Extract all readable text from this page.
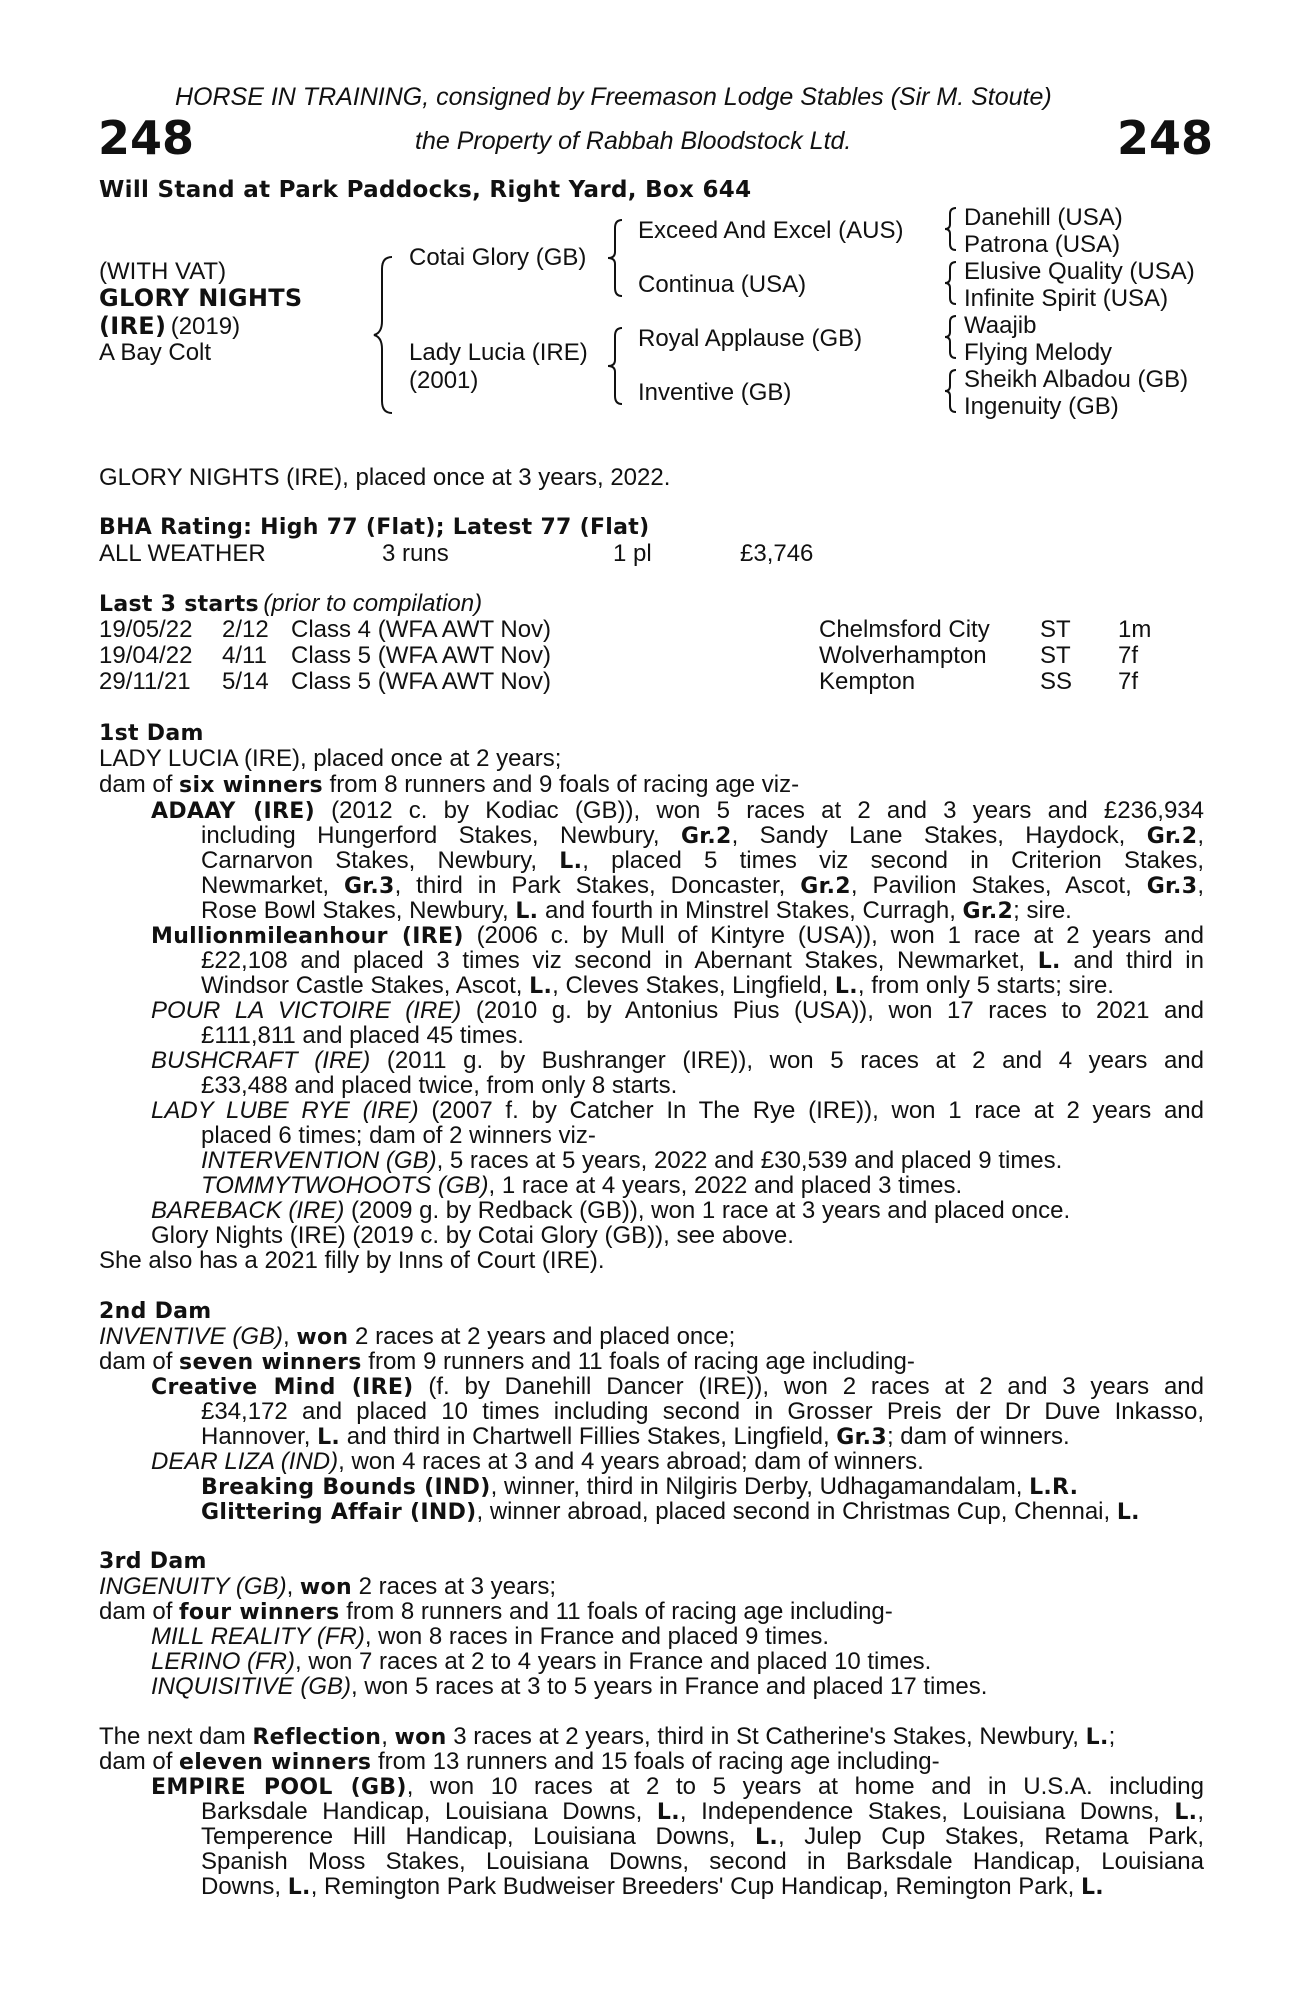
HORSE IN TRAINING, consigned by Freemason Lodge Stables (Sir M. Stoute)
248	the Property of Rabbah Bloodstock Ltd.	248
Will Stand at Park Paddocks, Right Yard, Box 644
(WITH VAT)
GLORY NIGHTS
(IRE) (2019)
A Bay Colt
Cotai Glory (GB)
Lady Lucia (IRE)
(2001)
Exceed And Excel (AUS)
Continua (USA)
Royal Applause (GB)
Inventive (GB)
Danehill (USA)
Patrona (USA)
Elusive Quality (USA)
Infinite Spirit (USA)
Waajib
Flying Melody
Sheikh Albadou (GB)
Ingenuity (GB)
GLORY NIGHTS (IRE), placed once at 3 years, 2022.
BHA Rating: High 77 (Flat); Latest 77 (Flat)
ALL WEATHER	3 runs	1 pl	£3,746
Last 3 starts (prior to compilation)
19/05/22 2/12 Class 4 (WFA AWT Nov)	Chelmsford City ST 1m
19/04/22 4/11 Class 5 (WFA AWT Nov)	Wolverhampton ST 7f
29/11/21 5/14 Class 5 (WFA AWT Nov)	Kempton	SS 7f
1st Dam
LADY LUCIA (IRE), placed once at 2 years;
dam of six winners from 8 runners and 9 foals of racing age viz-
ADAAY (IRE) (2012 c. by Kodiac (GB)), won 5 races at 2 and 3 years and £236,934
including Hungerford Stakes, Newbury, Gr.2, Sandy Lane Stakes, Haydock, Gr.2,
Carnarvon Stakes, Newbury, L., placed 5 times viz second in Criterion Stakes,
Newmarket, Gr.3, third in Park Stakes, Doncaster, Gr.2, Pavilion Stakes, Ascot, Gr.3,
Rose Bowl Stakes, Newbury, L. and fourth in Minstrel Stakes, Curragh, Gr.2; sire.
Mullionmileanhour (IRE) (2006 c. by Mull of Kintyre (USA)), won 1 race at 2 years and
£22,108 and placed 3 times viz second in Abernant Stakes, Newmarket, L. and third in
Windsor Castle Stakes, Ascot, L., Cleves Stakes, Lingfield, L., from only 5 starts; sire.
POUR LA VICTOIRE (IRE) (2010 g. by Antonius Pius (USA)), won 17 races to 2021 and
£111,811 and placed 45 times.
BUSHCRAFT (IRE) (2011 g. by Bushranger (IRE)), won 5 races at 2 and 4 years and
£33,488 and placed twice, from only 8 starts.
LADY LUBE RYE (IRE) (2007 f. by Catcher In The Rye (IRE)), won 1 race at 2 years and
placed 6 times; dam of 2 winners viz-
INTERVENTION (GB), 5 races at 5 years, 2022 and £30,539 and placed 9 times.
TOMMYTWOHOOTS (GB), 1 race at 4 years, 2022 and placed 3 times.
BAREBACK (IRE) (2009 g. by Redback (GB)), won 1 race at 3 years and placed once.
Glory Nights (IRE) (2019 c. by Cotai Glory (GB)), see above.
She also has a 2021 filly by Inns of Court (IRE).
2nd Dam
INVENTIVE (GB), won 2 races at 2 years and placed once;
dam of seven winners from 9 runners and 11 foals of racing age including-
Creative Mind (IRE) (f. by Danehill Dancer (IRE)), won 2 races at 2 and 3 years and
£34,172 and placed 10 times including second in Grosser Preis der Dr Duve Inkasso,
Hannover, L. and third in Chartwell Fillies Stakes, Lingfield, Gr.3; dam of winners.
DEAR LIZA (IND), won 4 races at 3 and 4 years abroad; dam of winners.
Breaking Bounds (IND), winner, third in Nilgiris Derby, Udhagamandalam, L.R.
Glittering Affair (IND), winner abroad, placed second in Christmas Cup, Chennai, L.
3rd Dam
INGENUITY (GB), won 2 races at 3 years;
dam of four winners from 8 runners and 11 foals of racing age including-
MILL REALITY (FR), won 8 races in France and placed 9 times.
LERINO (FR), won 7 races at 2 to 4 years in France and placed 10 times.
INQUISITIVE (GB), won 5 races at 3 to 5 years in France and placed 17 times.
The next dam Reflection, won 3 races at 2 years, third in St Catherine's Stakes, Newbury, L.;
dam of eleven winners from 13 runners and 15 foals of racing age including-
EMPIRE POOL (GB), won 10 races at 2 to 5 years at home and in U.S.A. including
Barksdale Handicap, Louisiana Downs, L., Independence Stakes, Louisiana Downs, L.,
Temperence Hill Handicap, Louisiana Downs, L., Julep Cup Stakes, Retama Park,
Spanish Moss Stakes, Louisiana Downs, second in Barksdale Handicap, Louisiana
Downs, L., Remington Park Budweiser Breeders' Cup Handicap, Remington Park, L.
